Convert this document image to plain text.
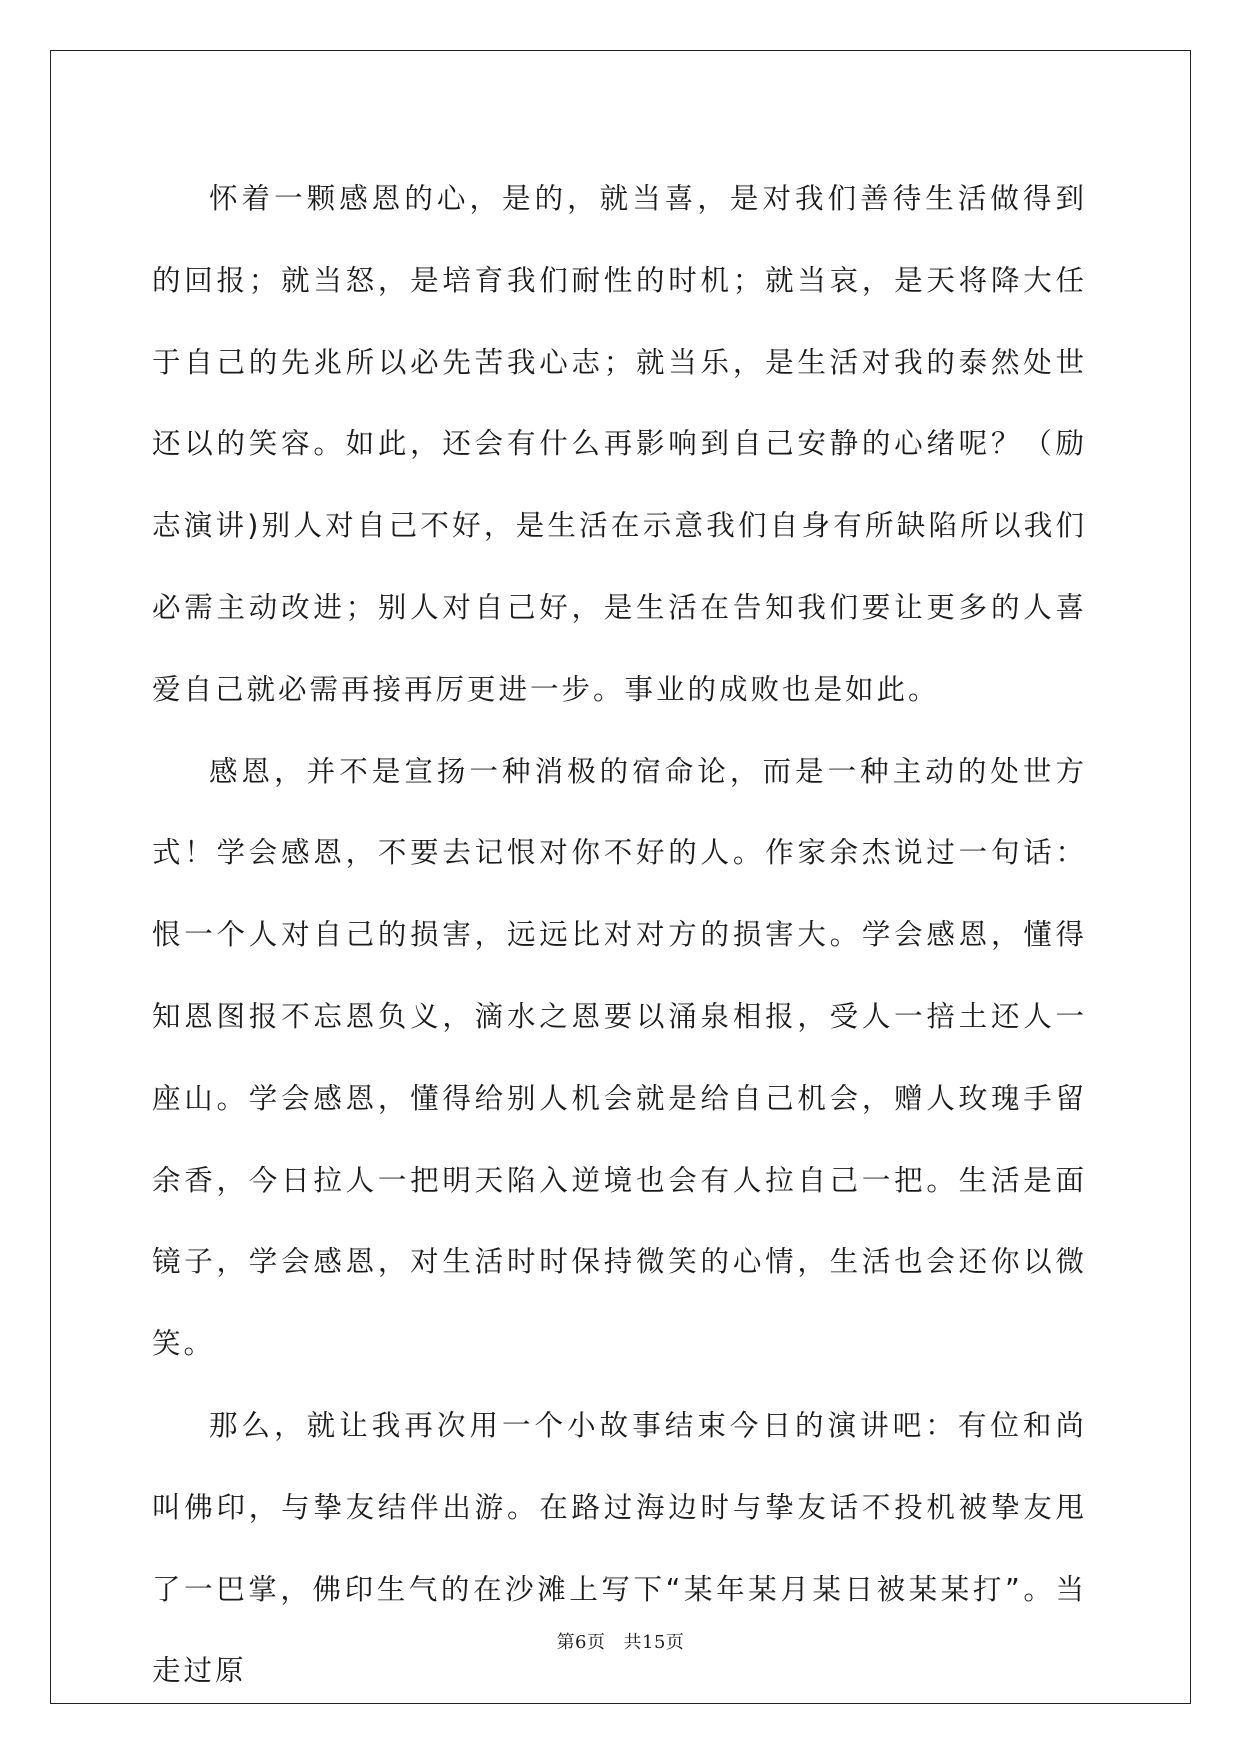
怀着一颗感恩的心，是的，就当喜，是对我们善待生活做得到的回报；就当怒，是培育我们耐性的时机；就当哀，是天将降大任于自己的先兆所以必先苦我心志；就当乐，是生活对我的泰然处世还以的笑容。如此，还会有什么再影响到自己安静的心绪呢？（励志演讲)别人对自己不好，是生活在示意我们自身有所缺陷所以我们必需主动改进；别人对自己好，是生活在告知我们要让更多的人喜爱自己就必需再接再厉更进一步。事业的成败也是如此。

感恩，并不是宣扬一种消极的宿命论，而是一种主动的处世方式！学会感恩，不要去记恨对你不好的人。作家余杰说过一句话：恨一个人对自己的损害，远远比对对方的损害大。学会感恩，懂得知恩图报不忘恩负义，滴水之恩要以涌泉相报，受人一掊土还人一座山。学会感恩，懂得给别人机会就是给自己机会，赠人玫瑰手留余香，今日拉人一把明天陷入逆境也会有人拉自己一把。生活是面镜子，学会感恩，对生活时时保持微笑的心情，生活也会还你以微笑。

那么，就让我再次用一个小故事结束今日的演讲吧：有位和尚叫佛印，与挚友结伴出游。在路过海边时与挚友话不投机被挚友甩了一巴掌，佛印生气的在沙滩上写下“某年某月某日被某某打”。当走过原

第6页 共15页
